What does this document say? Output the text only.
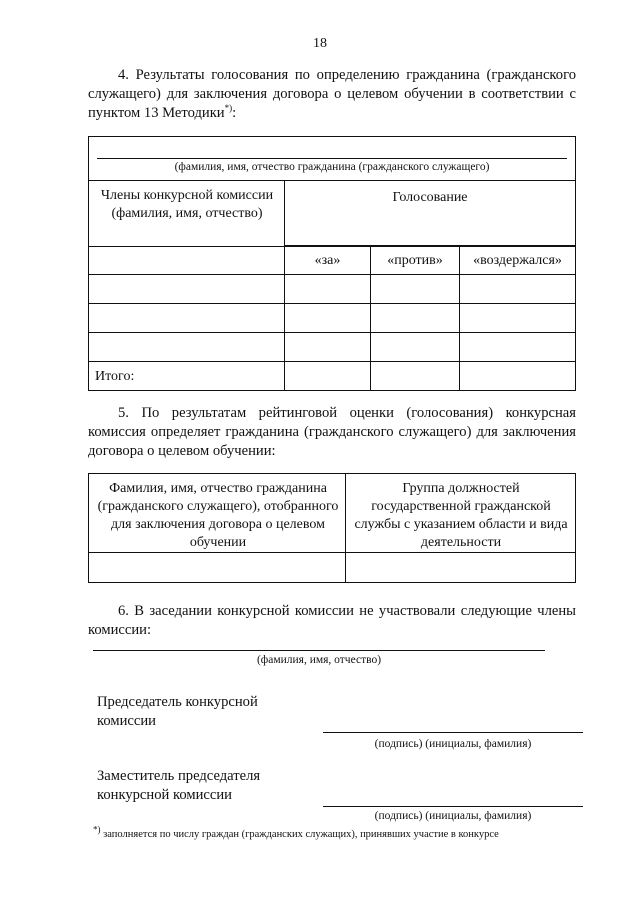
18
4. Результаты голосования по определению гражданина (гражданского служащего) для заключения договора о целевом обучении в соответствии с пунктом 13 Методики*):
(фамилия, имя, отчество гражданина (гражданского служащего)
Члены конкурсной комиссии (фамилия, имя, отчество)
Голосование
«за»	«против»	«воздержался»
Итого:
5. По результатам рейтинговой оценки (голосования) конкурсная комиссия определяет гражданина (гражданского служащего) для заключения договора о целевом обучении:
Фамилия, имя, отчество гражданина (гражданского служащего), отобранного для заключения договора о целевом обучении
Группа должностей государственной гражданской службы с указанием области и вида деятельности
6. В заседании конкурсной комиссии не участвовали следующие члены комиссии:
(фамилия, имя, отчество)
Председатель конкурсной комиссии
(подпись) (инициалы, фамилия)
Заместитель председателя конкурсной комиссии
(подпись) (инициалы, фамилия)
*) заполняется по числу граждан (гражданских служащих), принявших участие в конкурсе
